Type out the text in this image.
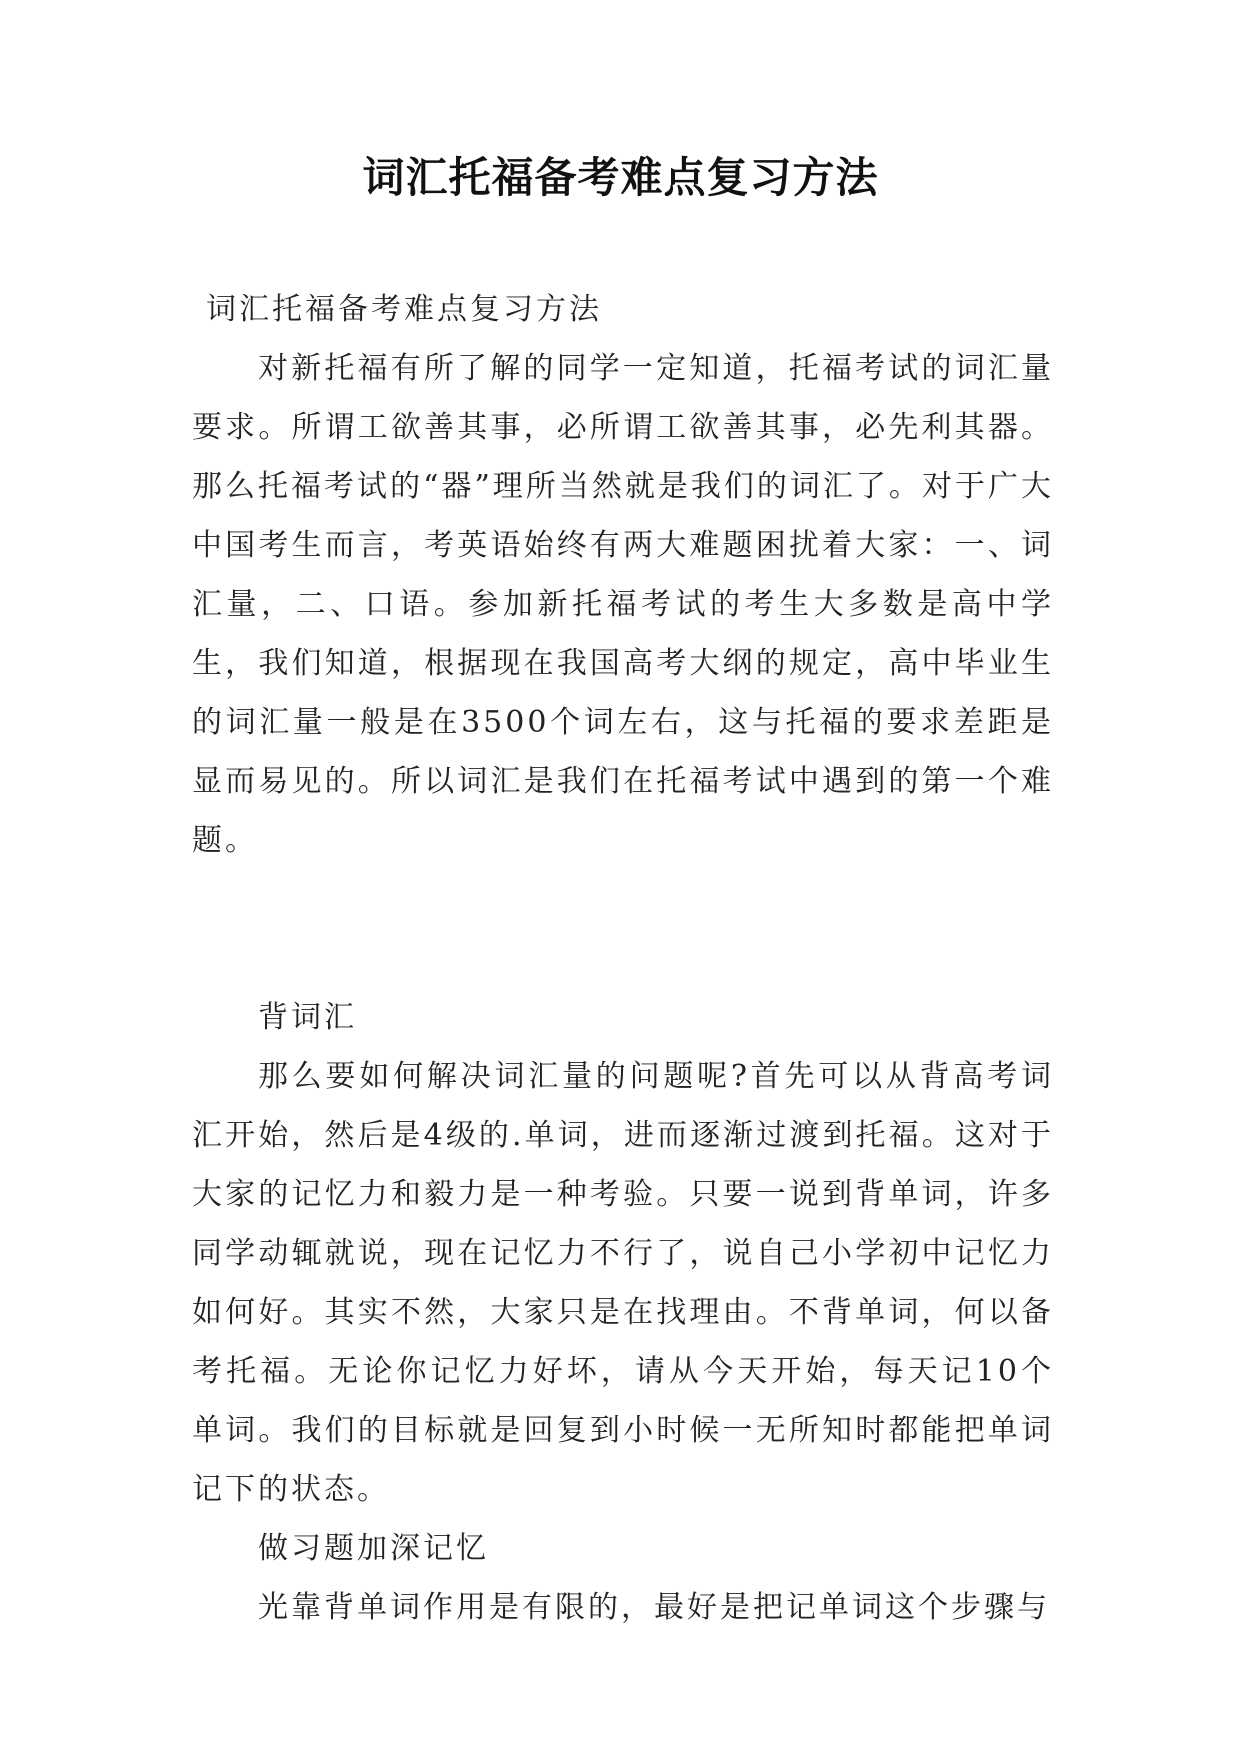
词汇托福备考难点复习方法

词汇托福备考难点复习方法

对新托福有所了解的同学一定知道，托福考试的词汇量要求。所谓工欲善其事，必所谓工欲善其事，必先利其器。那么托福考试的“器”理所当然就是我们的词汇了。对于广大中国考生而言，考英语始终有两大难题困扰着大家：一、词汇量，二、口语。参加新托福考试的考生大多数是高中学生，我们知道，根据现在我国高考大纲的规定，高中毕业生的词汇量一般是在3500个词左右，这与托福的要求差距是显而易见的。所以词汇是我们在托福考试中遇到的第一个难题。

背词汇

那么要如何解决词汇量的问题呢?首先可以从背高考词汇开始，然后是4级的.单词，进而逐渐过渡到托福。这对于大家的记忆力和毅力是一种考验。只要一说到背单词，许多同学动辄就说，现在记忆力不行了，说自己小学初中记忆力如何好。其实不然，大家只是在找理由。不背单词，何以备考托福。无论你记忆力好坏，请从今天开始，每天记10个单词。我们的目标就是回复到小时候一无所知时都能把单词记下的状态。

做习题加深记忆

光靠背单词作用是有限的，最好是把记单词这个步骤与
